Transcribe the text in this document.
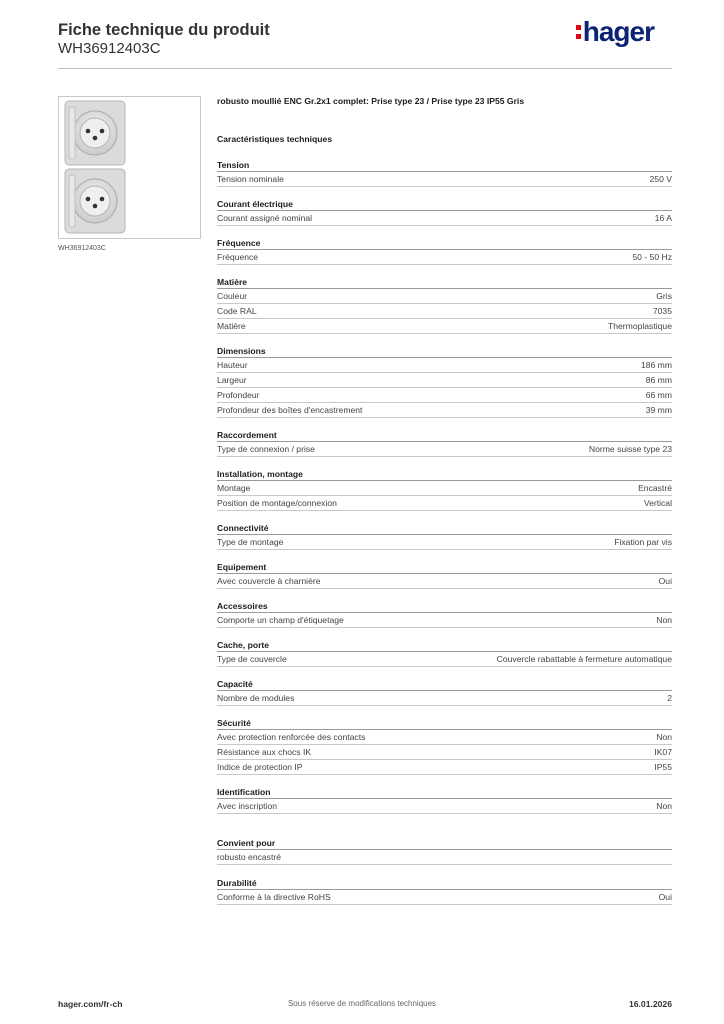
Fiche technique du produit
WH36912403C
hager
WH36912403C
robusto moullié ENC Gr.2x1 complet: Prise type 23 / Prise type 23 IP55 Gris
Caractéristiques techniques
Tension
Tension nominale	250 V
Courant électrique
Courant assigné nominal	16 A
Fréquence
Fréquence	50 - 50 Hz
Matière
Couleur	Gris
Code RAL	7035
Matière	Thermoplastique
Dimensions
Hauteur	186 mm
Largeur	86 mm
Profondeur	66 mm
Profondeur des boîtes d'encastrement	39 mm
Raccordement
Type de connexion / prise	Norme suisse type 23
Installation, montage
Montage	Encastré
Position de montage/connexion	Vertical
Connectivité
Type de montage	Fixation par vis
Equipement
Avec couvercle à charnière	Oui
Accessoires
Comporte un champ d'étiquetage	Non
Cache, porte
Type de couvercle	Couvercle rabattable à fermeture automatique
Capacité
Nombre de modules	2
Sécurité
Avec protection renforcée des contacts	Non
Résistance aux chocs IK	IK07
Indice de protection IP	IP55
Identification
Avec inscription	Non
Convient pour
robusto encastré
Durabilité
Conforme à la directive RoHS	Oui
hager.com/fr-ch	Sous réserve de modifications techniques	16.01.2026
